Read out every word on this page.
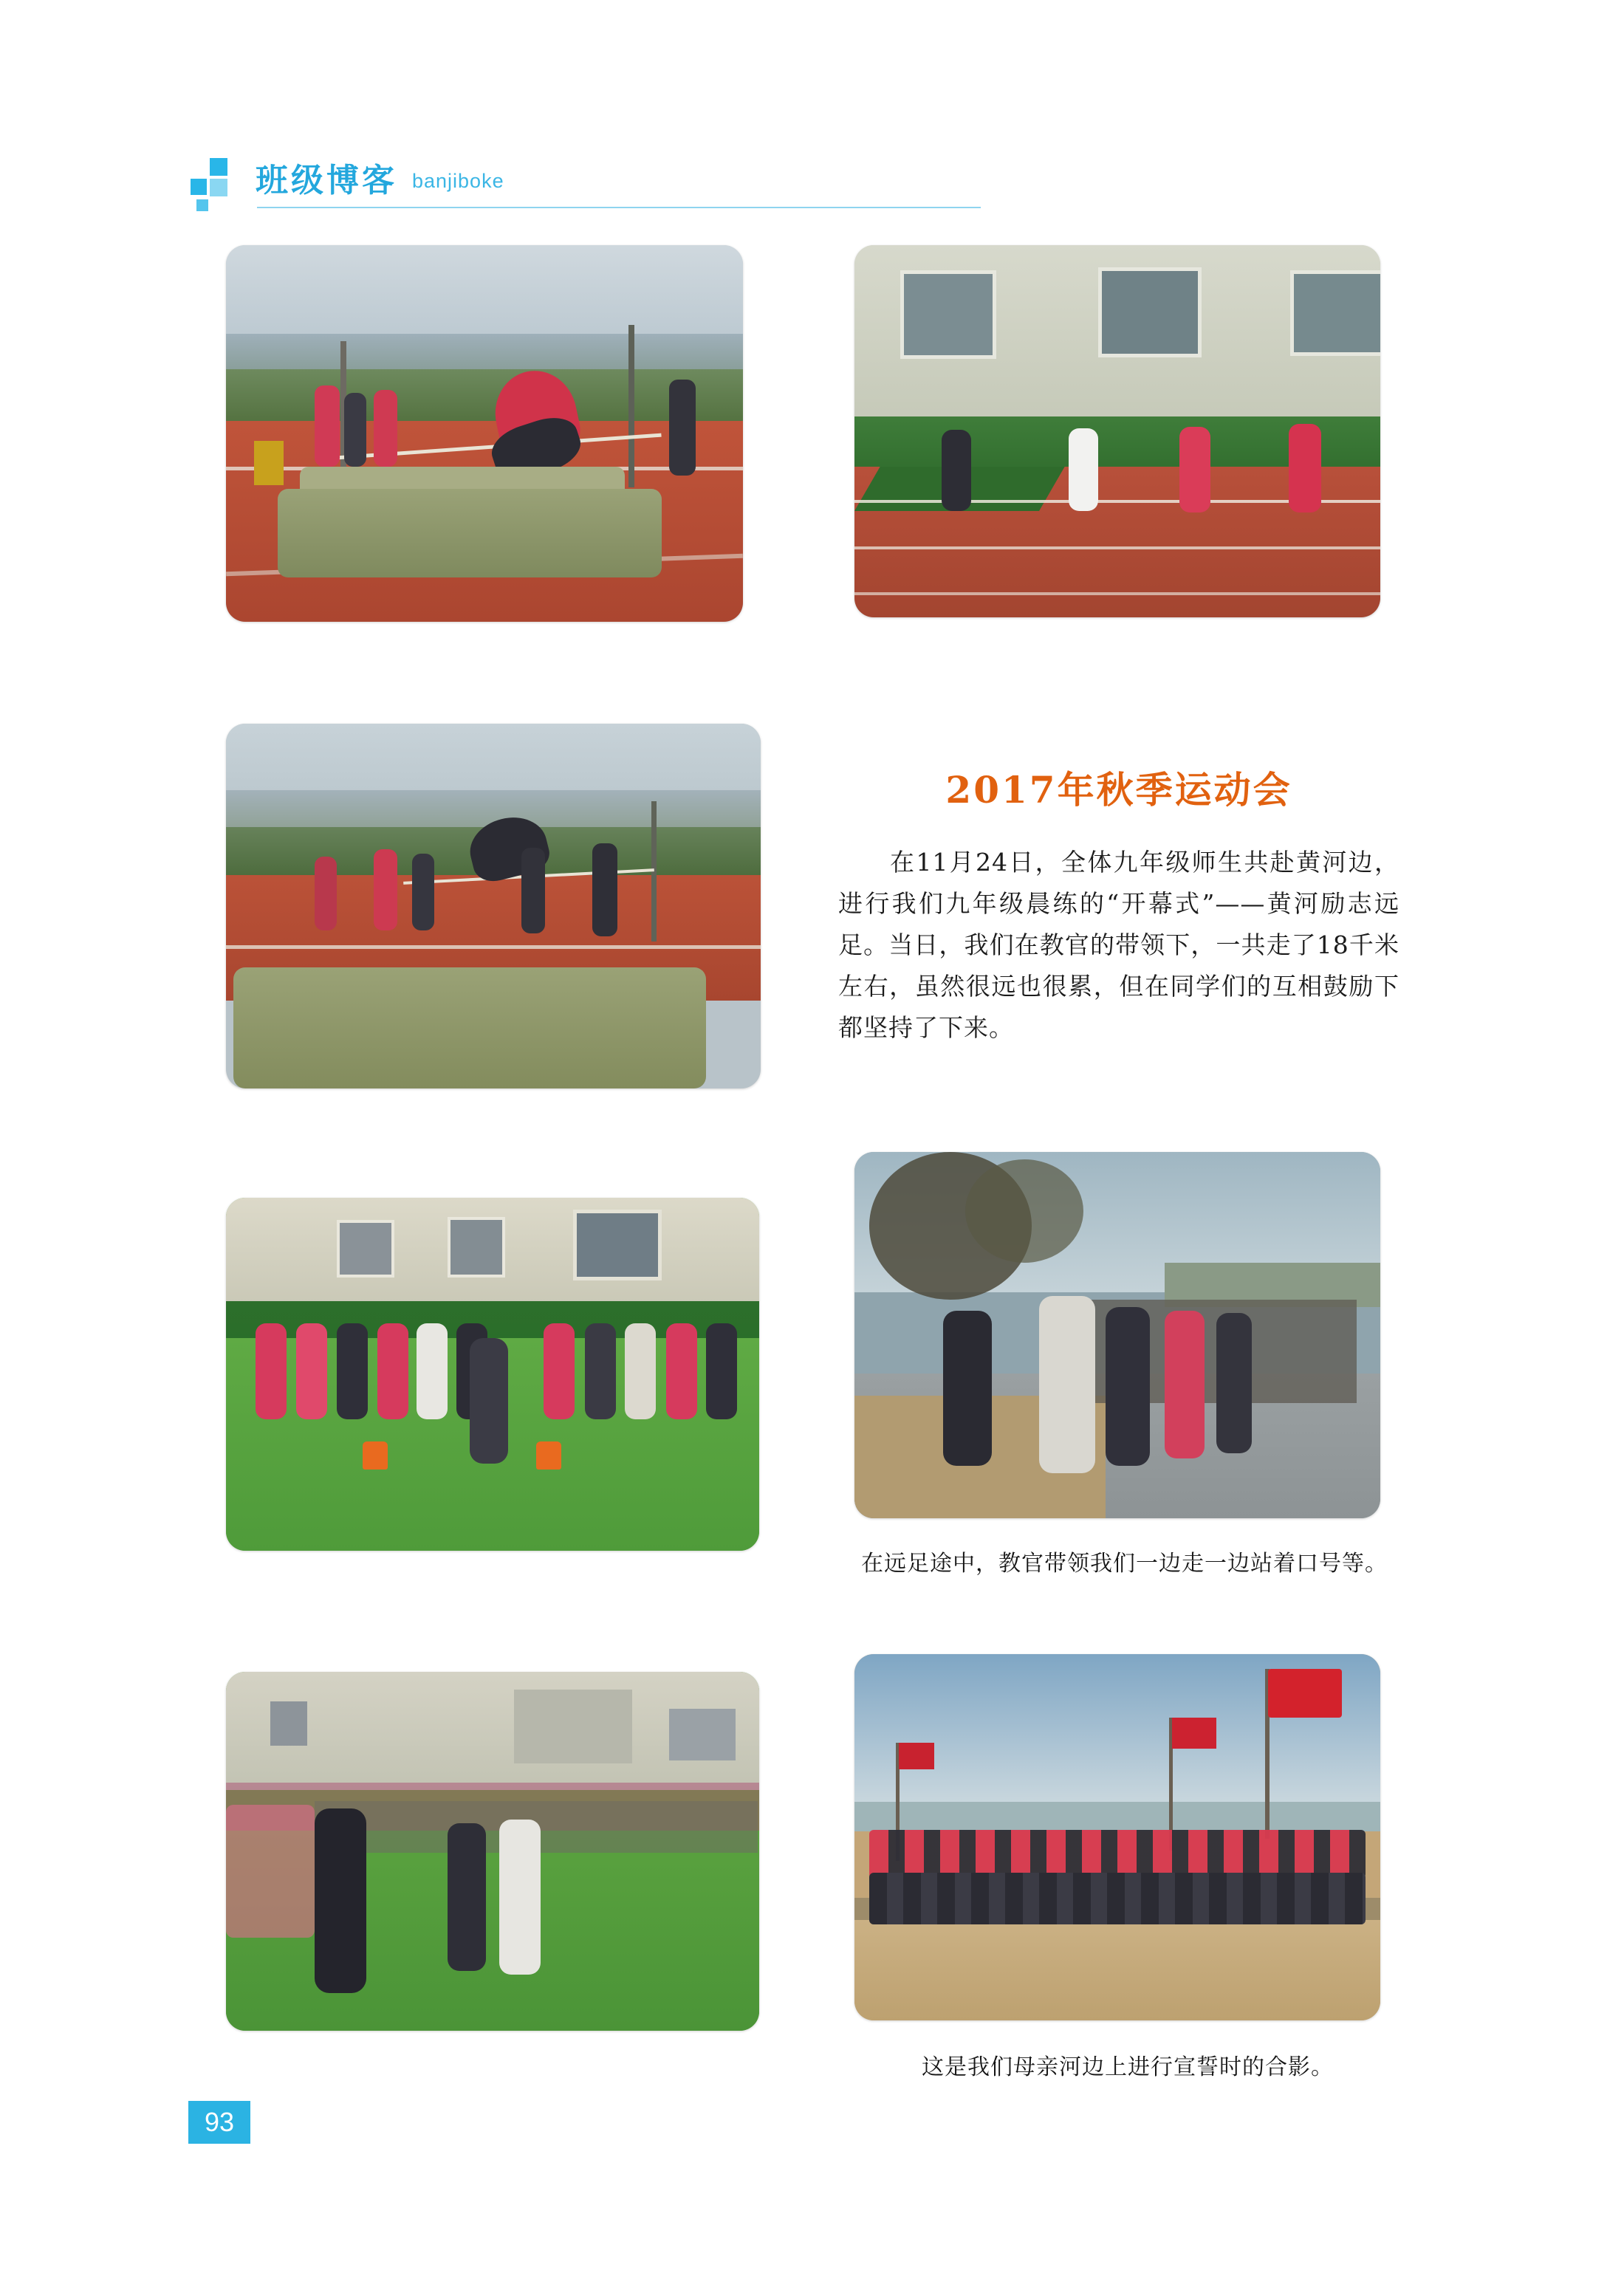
班级博客 banjiboke
在远足途中，教官带领我们一边走一边站着口号等。
这是我们母亲河边上进行宣誓时的合影。
2017年秋季运动会
在11月24日，全体九年级师生共赴黄河边，进行我们九年级晨练的“开幕式”——黄河励志远足。当日，我们在教官的带领下，一共走了18千米左右，虽然很远也很累，但在同学们的互相鼓励下都坚持了下来。
93
